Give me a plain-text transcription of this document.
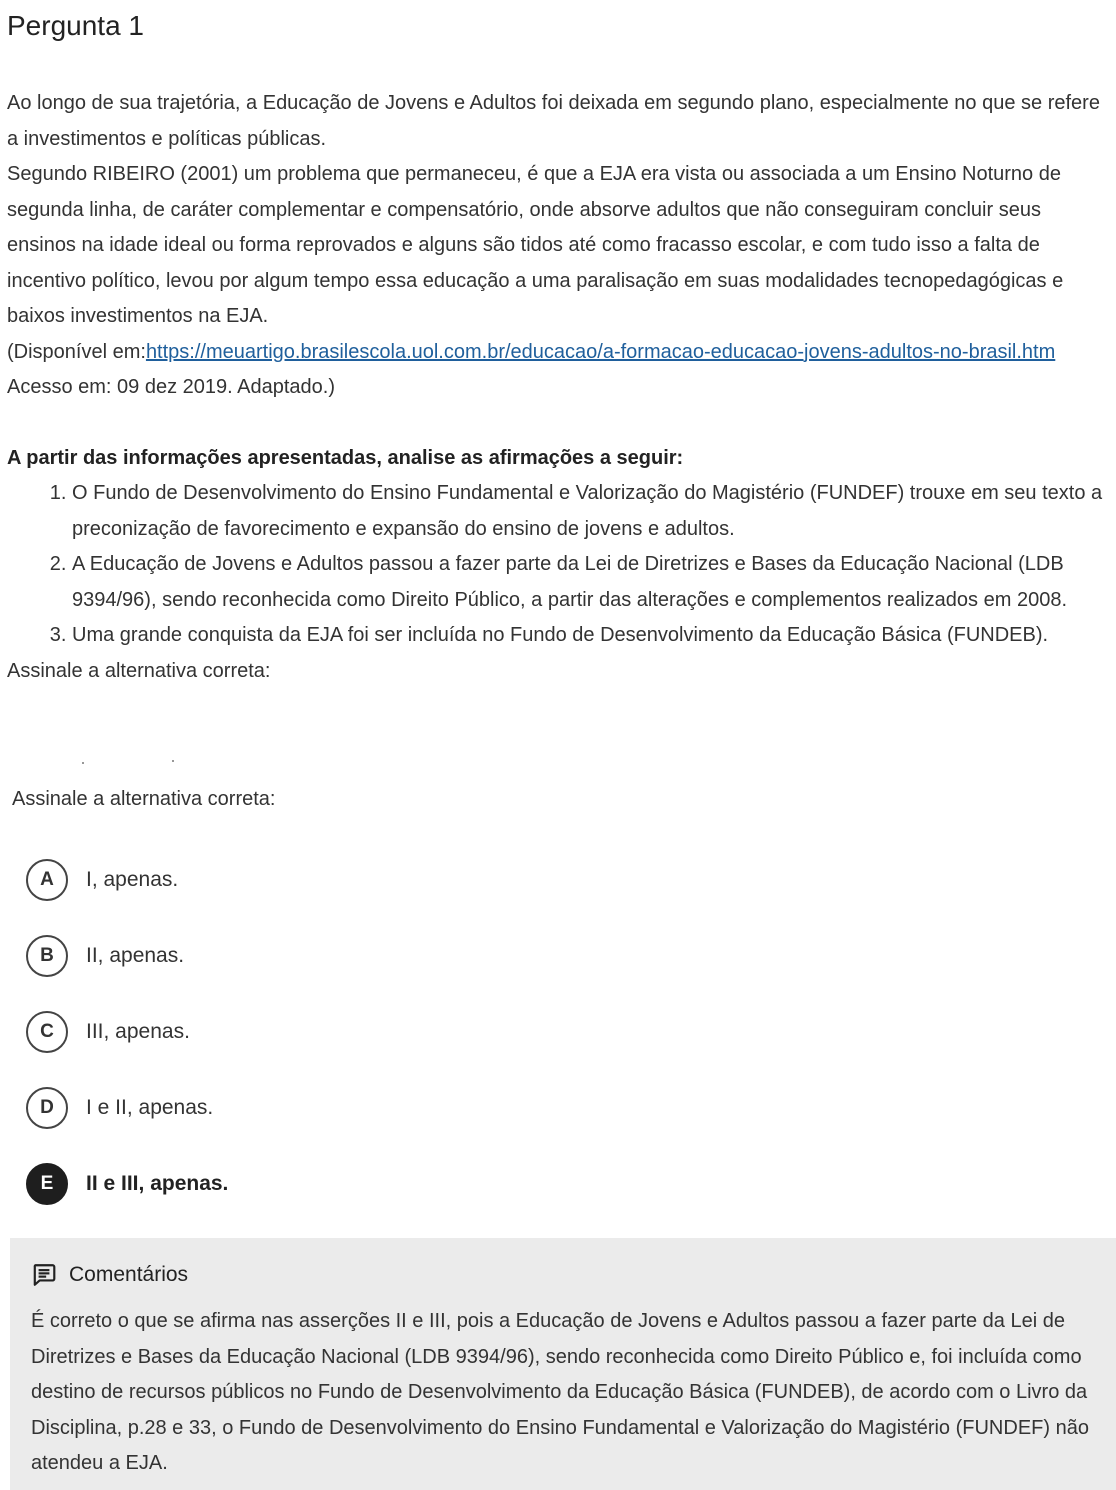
Pergunta 1

Ao longo de sua trajetória, a Educação de Jovens e Adultos foi deixada em segundo plano, especialmente no que se refere a investimentos e políticas públicas.

Segundo RIBEIRO (2001) um problema que permaneceu, é que a EJA era vista ou associada a um Ensino Noturno de segunda linha, de caráter complementar e compensatório, onde absorve adultos que não conseguiram concluir seus ensinos na idade ideal ou forma reprovados e alguns são tidos até como fracasso escolar, e com tudo isso a falta de incentivo político, levou por algum tempo essa educação a uma paralisação em suas modalidades tecnopedagógicas e baixos investimentos na EJA.

(Disponível em:https://meuartigo.brasilescola.uol.com.br/educacao/a-formacao-educacao-jovens-adultos-no-brasil.htm Acesso em: 09 dez 2019. Adaptado.)

A partir das informações apresentadas, analise as afirmações a seguir:

1. O Fundo de Desenvolvimento do Ensino Fundamental e Valorização do Magistério (FUNDEF) trouxe em seu texto a preconização de favorecimento e expansão do ensino de jovens e adultos.
2. A Educação de Jovens e Adultos passou a fazer parte da Lei de Diretrizes e Bases da Educação Nacional (LDB 9394/96), sendo reconhecida como Direito Público, a partir das alterações e complementos realizados em 2008.
3. Uma grande conquista da EJA foi ser incluída no Fundo de Desenvolvimento da Educação Básica (FUNDEB).

Assinale a alternativa correta:

Assinale a alternativa correta:

A	I, apenas.
B	II, apenas.
C	III, apenas.
D	I e II, apenas.
E	II e III, apenas.
Comentários

É correto o que se afirma nas asserções II e III, pois a Educação de Jovens e Adultos passou a fazer parte da Lei de Diretrizes e Bases da Educação Nacional (LDB 9394/96), sendo reconhecida como Direito Público e, foi incluída como destino de recursos públicos no Fundo de Desenvolvimento da Educação Básica (FUNDEB), de acordo com o Livro da Disciplina, p.28 e 33, o Fundo de Desenvolvimento do Ensino Fundamental e Valorização do Magistério (FUNDEF) não atendeu a EJA.
